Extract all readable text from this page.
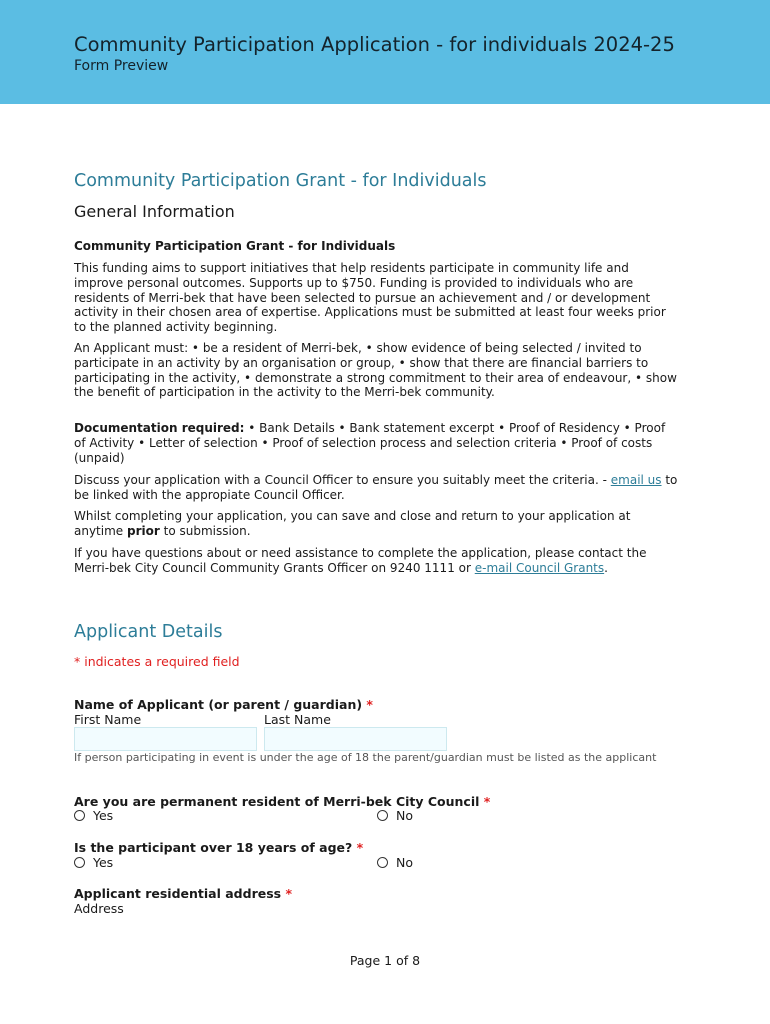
Community Participation Application - for individuals 2024-25
Form Preview
Community Participation Grant - for Individuals
General Information
Community Participation Grant - for Individuals
This funding aims to support initiatives that help residents participate in community life and improve personal outcomes. Supports up to $750. Funding is provided to individuals who are residents of Merri-bek that have been selected to pursue an achievement and / or development activity in their chosen area of expertise. Applications must be submitted at least four weeks prior to the planned activity beginning.
An Applicant must: • be a resident of Merri-bek, • show evidence of being selected / invited to participate in an activity by an organisation or group, • show that there are financial barriers to participating in the activity, • demonstrate a strong commitment to their area of endeavour, • show the benefit of participation in the activity to the Merri-bek community.
Documentation required: • Bank Details • Bank statement excerpt • Proof of Residency • Proof of Activity • Letter of selection • Proof of selection process and selection criteria • Proof of costs (unpaid)
Discuss your application with a Council Officer to ensure you suitably meet the criteria. - email us to be linked with the appropiate Council Officer.
Whilst completing your application, you can save and close and return to your application at anytime prior to submission.
If you have questions about or need assistance to complete the application, please contact the Merri-bek City Council Community Grants Officer on 9240 1111 or e-mail Council Grants.
Applicant Details
* indicates a required field
Name of Applicant (or parent / guardian) *
First Name	Last Name
If person participating in event is under the age of 18 the parent/guardian must be listed as the applicant
Are you are permanent resident of Merri-bek City Council *
Yes	No
Is the participant over 18 years of age? *
Yes	No
Applicant residential address *
Address
Page 1 of 8
